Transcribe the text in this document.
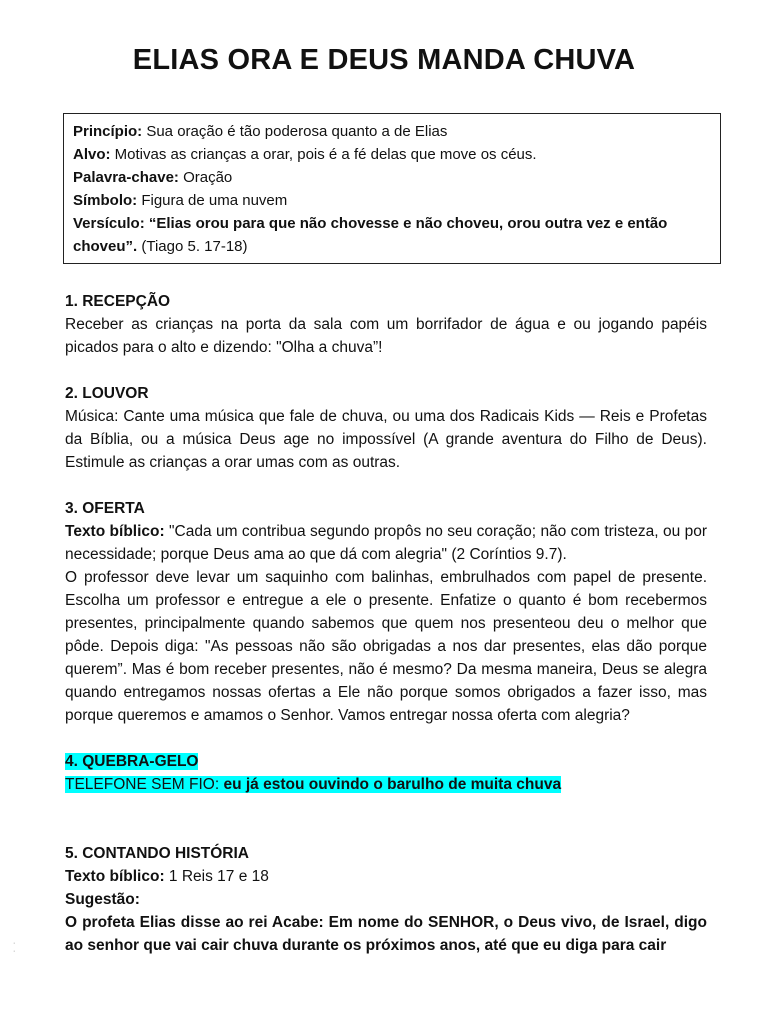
ELIAS ORA E DEUS MANDA CHUVA

Princípio: Sua oração é tão poderosa quanto a de Elias

Alvo: Motivas as crianças a orar, pois é a fé delas que move os céus.

Palavra-chave: Oração

Símbolo: Figura de uma nuvem

Versículo: “Elias orou para que não chovesse e não choveu, orou outra vez e então choveu”. (Tiago 5. 17-18)

1. RECEPÇÃO

Receber as crianças na porta da sala com um borrifador de água e ou jogando papéis picados para o alto e dizendo: "Olha a chuva”!

2. LOUVOR

Música: Cante uma música que fale de chuva, ou uma dos Radicais Kids — Reis e Profetas da Bíblia, ou a música Deus age no impossível (A grande aventura do Filho de Deus). Estimule as crianças a orar umas com as outras.

3. OFERTA

Texto bíblico: "Cada um contribua segundo propôs no seu coração; não com tristeza, ou por necessidade; porque Deus ama ao que dá com alegria" (2 Coríntios 9.7).

O professor deve levar um saquinho com balinhas, embrulhados com papel de presente. Escolha um professor e entregue a ele o presente. Enfatize o quanto é bom recebermos presentes, principalmente quando sabemos que quem nos presenteou deu o melhor que pôde. Depois diga: "As pessoas não são obrigadas a nos dar presentes, elas dão porque querem”. Mas é bom receber presentes, não é mesmo? Da mesma maneira, Deus se alegra quando entregamos nossas ofertas a Ele não porque somos obrigados a fazer isso, mas porque queremos e amamos o Senhor. Vamos entregar nossa oferta com alegria?

4. QUEBRA-GELO

TELEFONE SEM FIO: eu já estou ouvindo o barulho de muita chuva

5. CONTANDO HISTÓRIA

Texto bíblico: 1 Reis 17 e 18

Sugestão:

O profeta Elias disse ao rei Acabe: Em nome do SENHOR, o Deus vivo, de Israel, digo ao senhor que vai cair chuva durante os próximos anos, até que eu diga para cair

·
·
